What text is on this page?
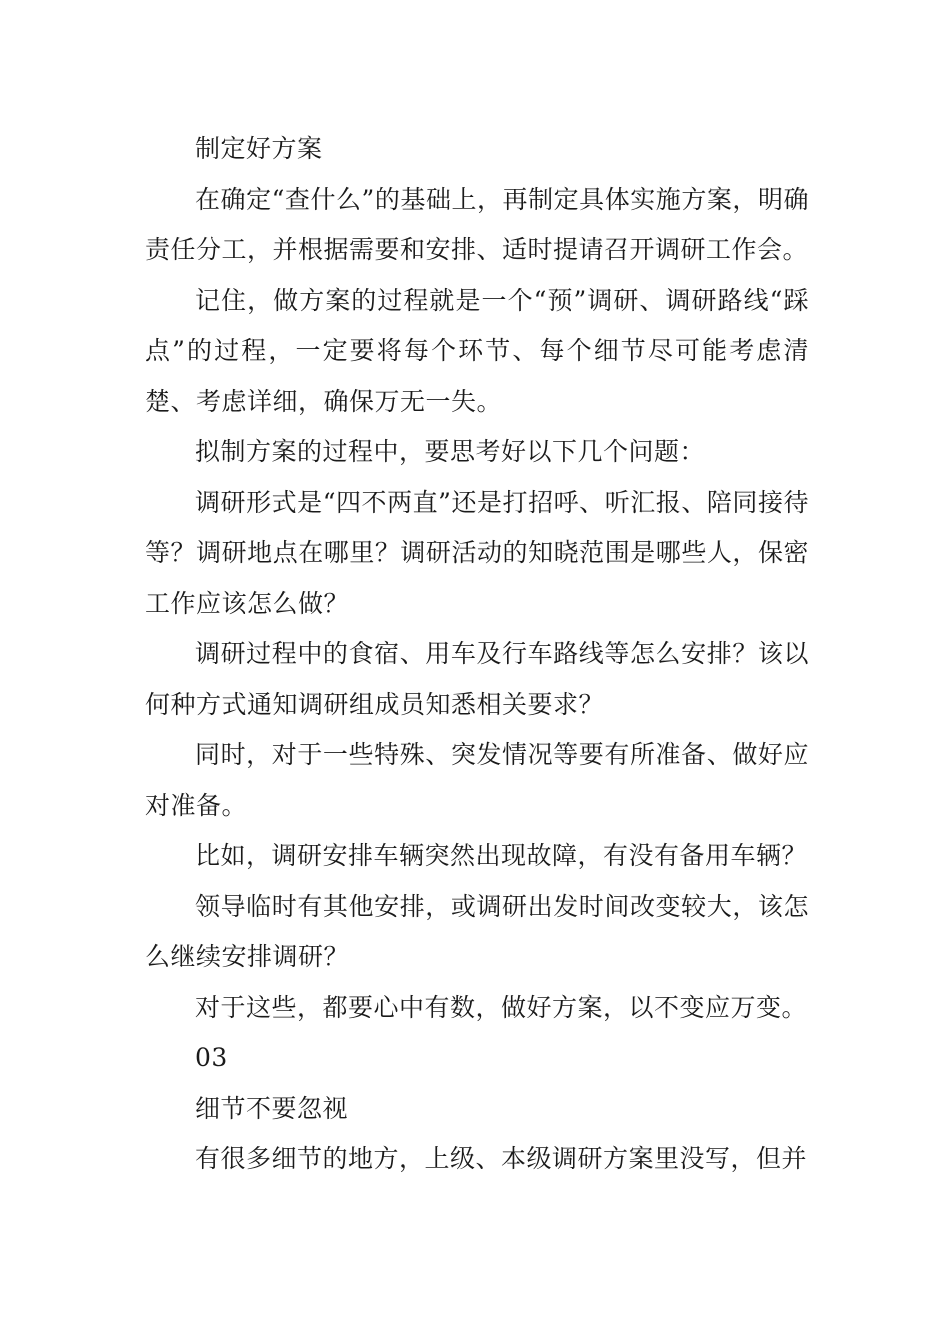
制定好方案

在确定“查什么”的基础上，再制定具体实施方案，明确责任分工，并根据需要和安排、适时提请召开调研工作会。

记住，做方案的过程就是一个“预”调研、调研路线“踩点”的过程，一定要将每个环节、每个细节尽可能考虑清楚、考虑详细，确保万无一失。

拟制方案的过程中，要思考好以下几个问题：

调研形式是“四不两直”还是打招呼、听汇报、陪同接待等？调研地点在哪里？调研活动的知晓范围是哪些人，保密工作应该怎么做？

调研过程中的食宿、用车及行车路线等怎么安排？该以何种方式通知调研组成员知悉相关要求？

同时，对于一些特殊、突发情况等要有所准备、做好应对准备。

比如，调研安排车辆突然出现故障，有没有备用车辆？

领导临时有其他安排，或调研出发时间改变较大，该怎么继续安排调研？

对于这些，都要心中有数，做好方案，以不变应万变。

03

细节不要忽视

有很多细节的地方，上级、本级调研方案里没写，但并
